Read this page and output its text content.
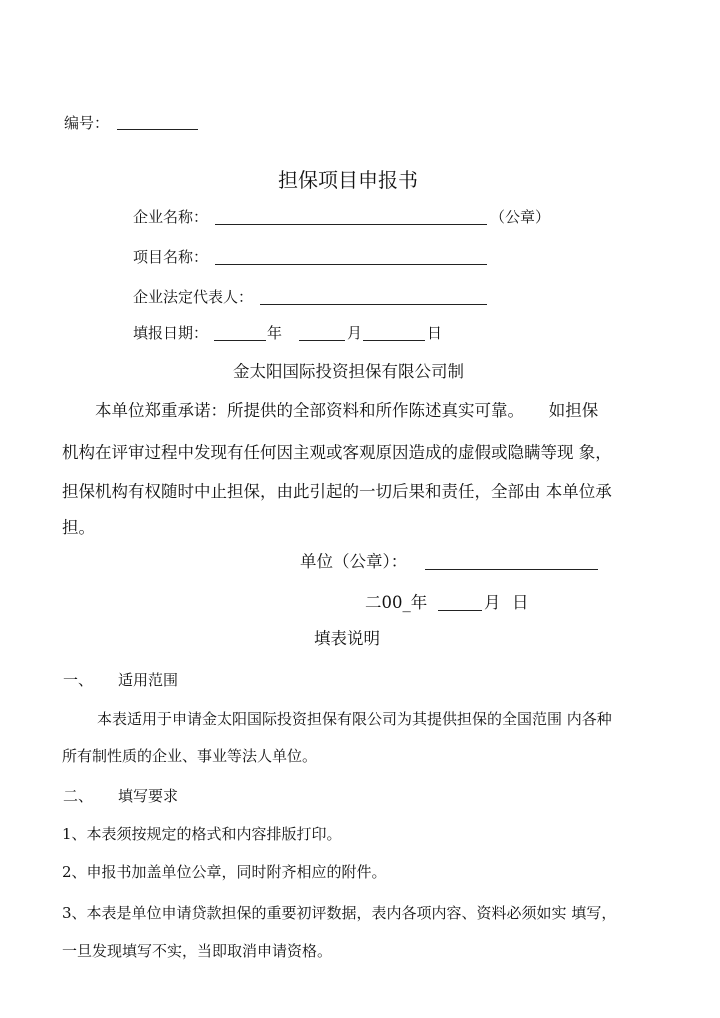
编号：
担保项目申报书
企业名称：	（公章）
项目名称：
企业法定代表人：
填报日期：	年	月	日
金太阳国际投资担保有限公司制
本单位郑重承诺：所提供的全部资料和所作陈述真实可靠。　　如担保
机构在评审过程中发现有任何因主观或客观原因造成的虚假或隐瞒等现 象，
担保机构有权随时中止担保，由此引起的一切后果和责任，全部由 本单位承
担。
单位（公章）：
二00_年	月 日
填表说明
一、 适用范围
本表适用于申请金太阳国际投资担保有限公司为其提供担保的全国范围 内各种
所有制性质的企业、事业等法人单位。
二、 填写要求
1、本表须按规定的格式和内容排版打印。
2、申报书加盖单位公章，同时附齐相应的附件。
3、本表是单位申请贷款担保的重要初评数据，表内各项内容、资料必须如实 填写，
一旦发现填写不实，当即取消申请资格。
